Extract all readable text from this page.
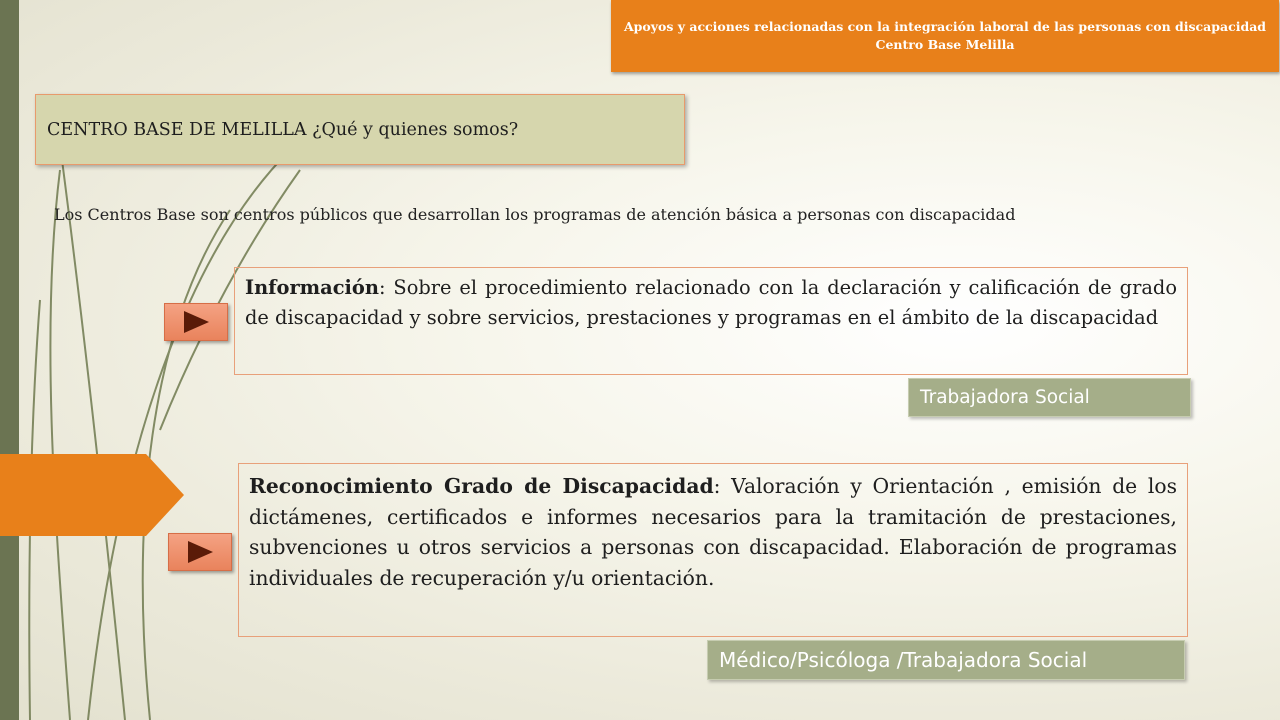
Apoyos y acciones relacionadas con la integración laboral de las personas con discapacidad
Centro Base Melilla
CENTRO BASE DE MELILLA ¿Qué y quienes somos?

Los Centros Base son centros públicos que desarrollan los programas de atención básica a personas con discapacidad

Información: Sobre el procedimiento relacionado con la declaración y calificación de grado de discapacidad y sobre servicios, prestaciones y programas en el ámbito de la discapacidad
Trabajadora Social
Reconocimiento Grado de Discapacidad: Valoración y Orientación , emisión de los dictámenes, certificados e informes necesarios para la tramitación de prestaciones, subvenciones u otros servicios a personas con discapacidad. Elaboración de programas individuales de recuperación y/u orientación.
Médico/Psicóloga /Trabajadora Social
